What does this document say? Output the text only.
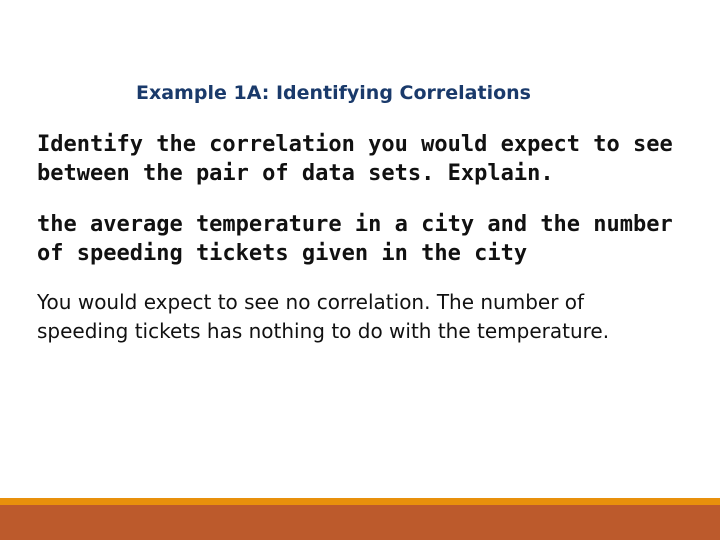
Example 1A: Identifying Correlations

Identify the correlation you would expect to see between the pair of data sets. Explain.

the average temperature in a city and the number of speeding tickets given in the city

You would expect to see no correlation. The number of speeding tickets has nothing to do with the temperature.
